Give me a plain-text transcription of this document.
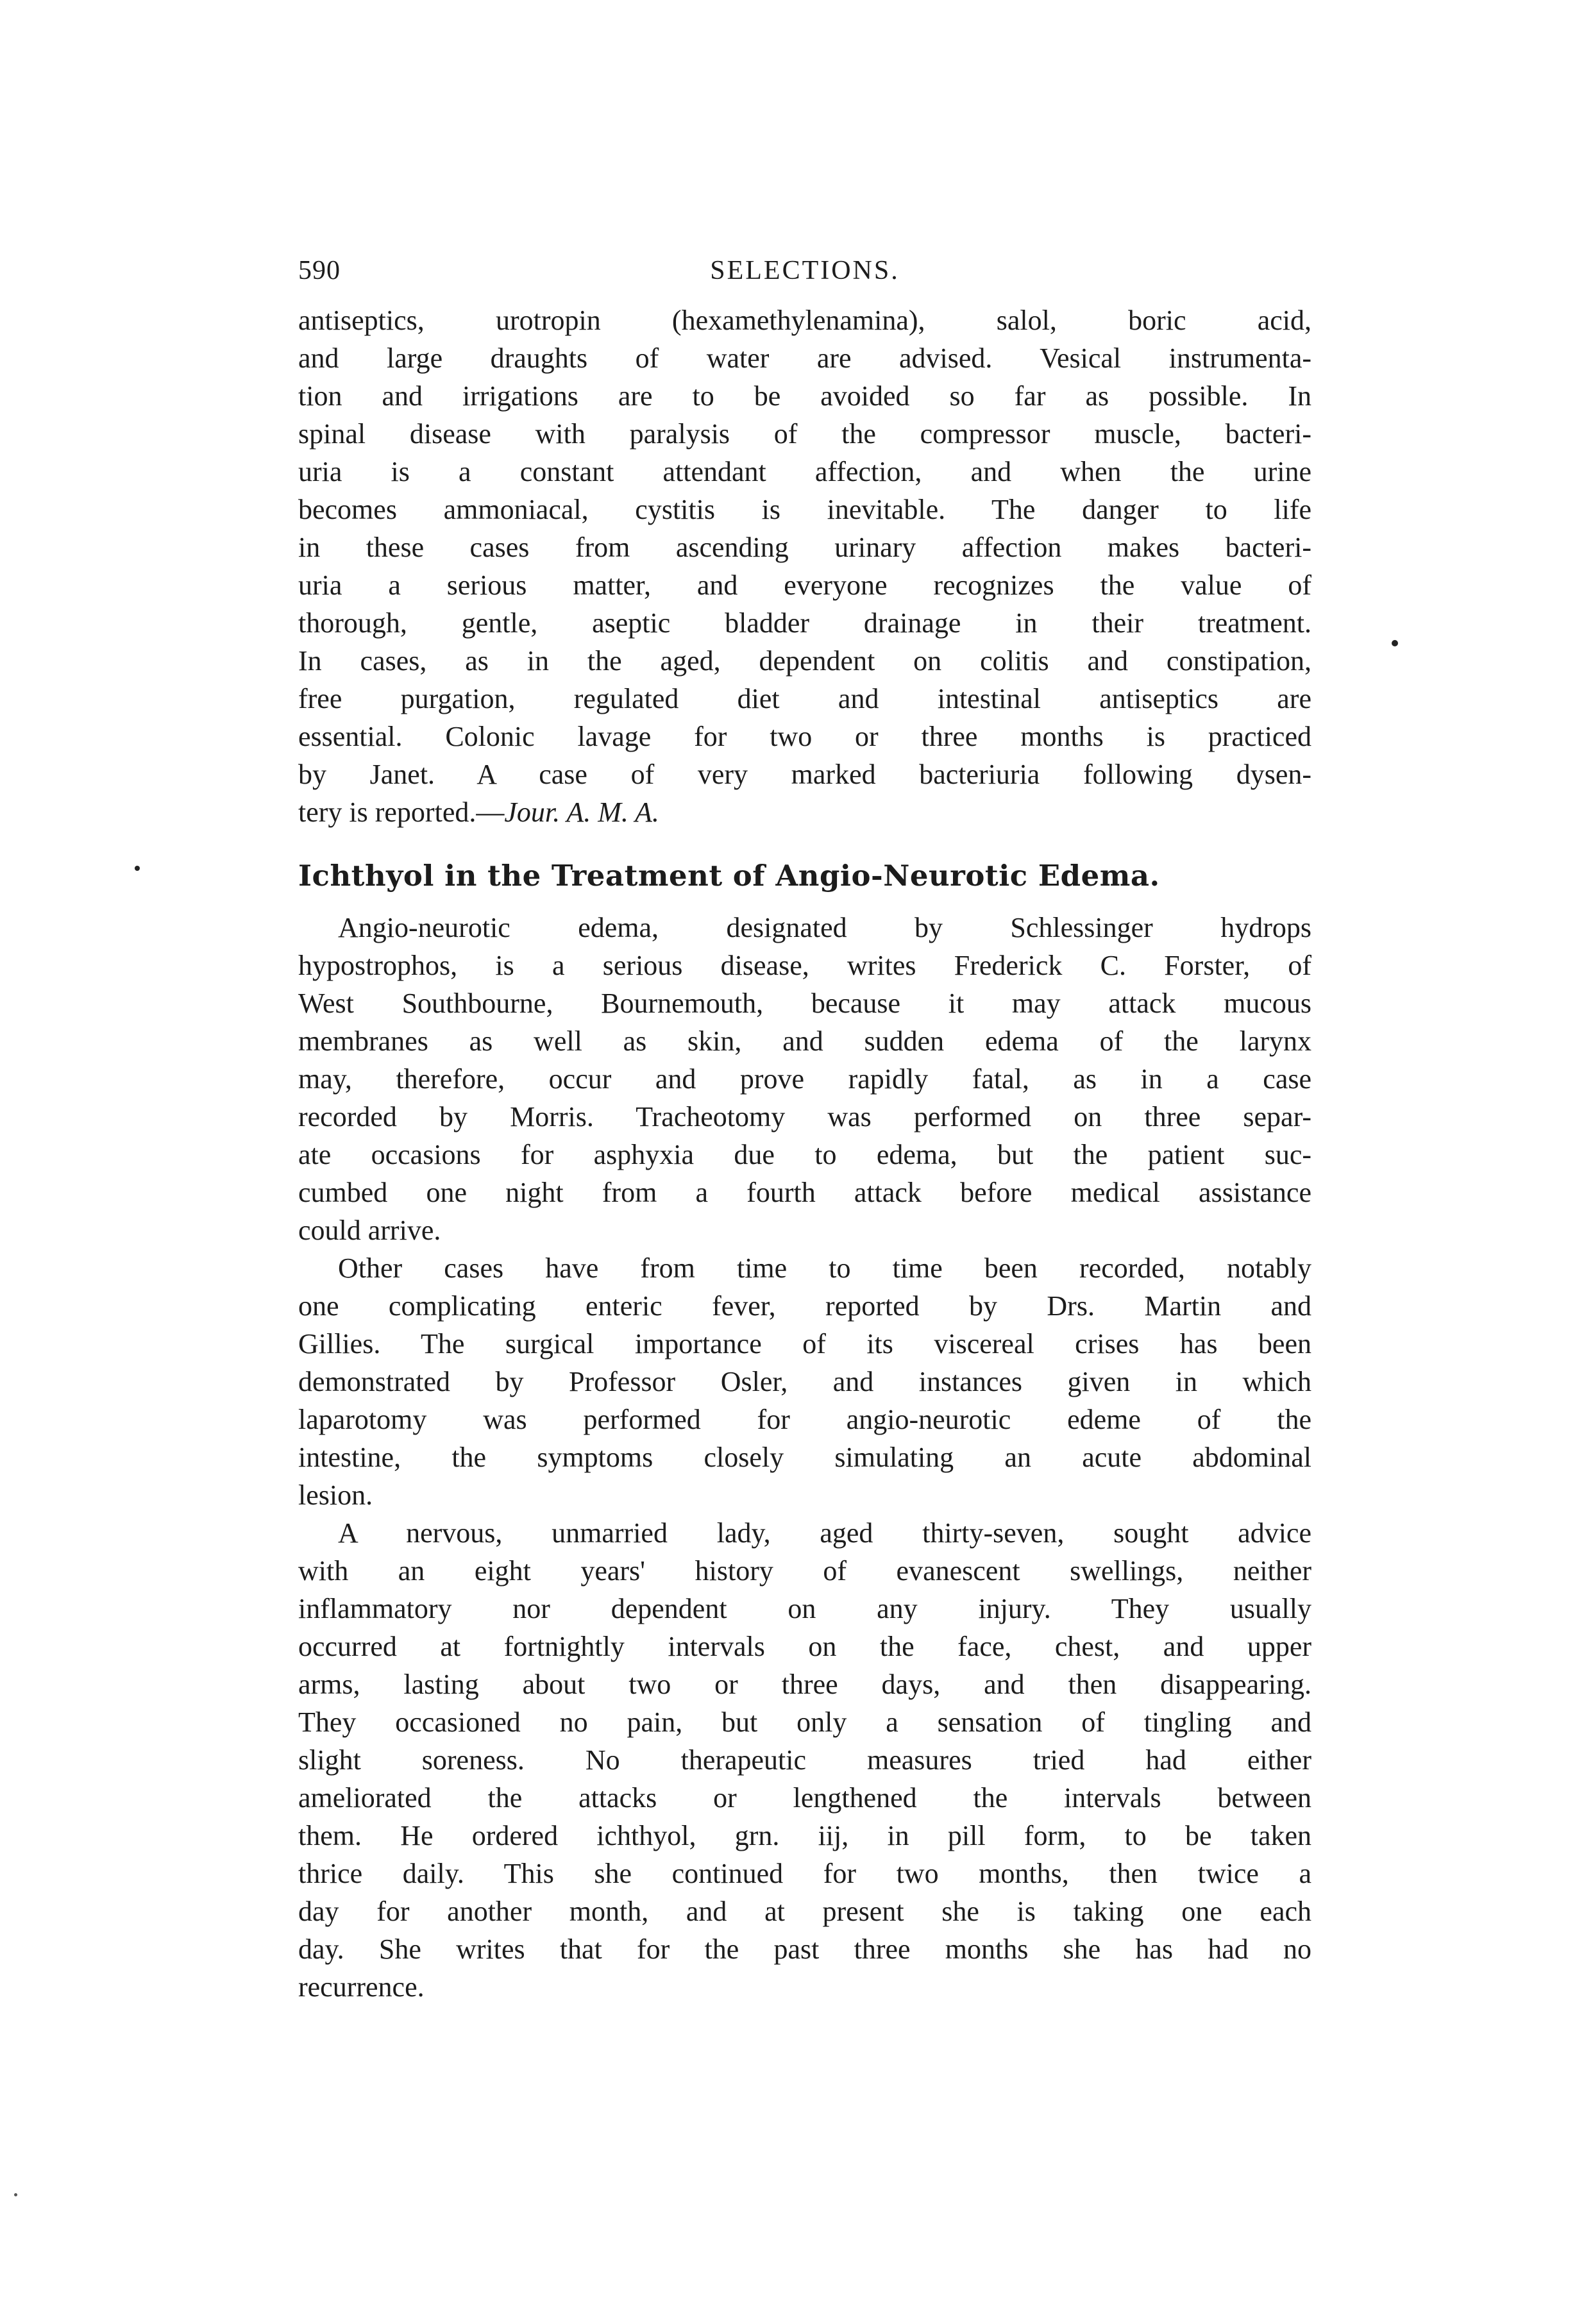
590	SELECTIONS.
antiseptics, urotropin (hexamethylenamina), salol, boric acid,
and large draughts of water are advised. Vesical instrumenta-
tion and irrigations are to be avoided so far as possible. In
spinal disease with paralysis of the compressor muscle, bacteri-
uria is a constant attendant affection, and when the urine
becomes ammoniacal, cystitis is inevitable. The danger to life
in these cases from ascending urinary affection makes bacteri-
uria a serious matter, and everyone recognizes the value of
thorough, gentle, aseptic bladder drainage in their treatment.
In cases, as in the aged, dependent on colitis and constipation,
free purgation, regulated diet and intestinal antiseptics are
essential. Colonic lavage for two or three months is practiced
by Janet. A case of very marked bacteriuria following dysen-
tery is reported.—Jour. A. M. A.
Ichthyol in the Treatment of Angio-Neurotic Edema.
Angio-neurotic edema, designated by Schlessinger hydrops
hypostrophos, is a serious disease, writes Frederick C. Forster, of
West Southbourne, Bournemouth, because it may attack mucous
membranes as well as skin, and sudden edema of the larynx
may, therefore, occur and prove rapidly fatal, as in a case
recorded by Morris. Tracheotomy was performed on three separ-
ate occasions for asphyxia due to edema, but the patient suc-
cumbed one night from a fourth attack before medical assistance
could arrive.
Other cases have from time to time been recorded, notably
one complicating enteric fever, reported by Drs. Martin and
Gillies. The surgical importance of its viscereal crises has been
demonstrated by Professor Osler, and instances given in which
laparotomy was performed for angio-neurotic edeme of the
intestine, the symptoms closely simulating an acute abdominal
lesion.
A nervous, unmarried lady, aged thirty-seven, sought advice
with an eight years' history of evanescent swellings, neither
inflammatory nor dependent on any injury. They usually
occurred at fortnightly intervals on the face, chest, and upper
arms, lasting about two or three days, and then disappearing.
They occasioned no pain, but only a sensation of tingling and
slight soreness. No therapeutic measures tried had either
ameliorated the attacks or lengthened the intervals between
them. He ordered ichthyol, grn. iij, in pill form, to be taken
thrice daily. This she continued for two months, then twice a
day for another month, and at present she is taking one each
day. She writes that for the past three months she has had no
recurrence.
